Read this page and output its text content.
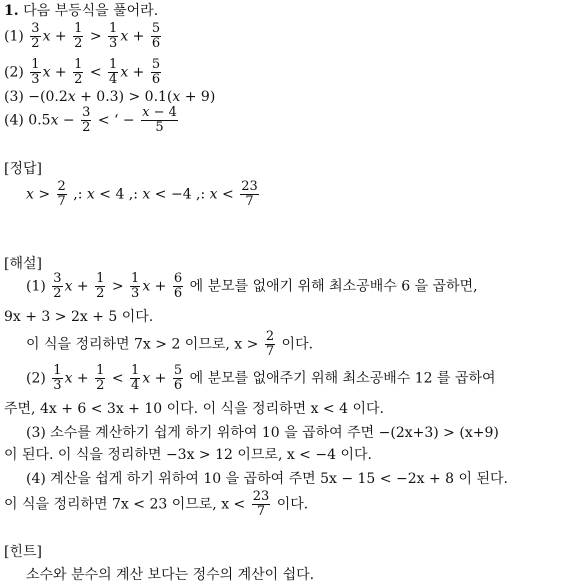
1. 다음 부등식을 풀어라.
$(1) \frac{3}{2}$ $x + \frac{1}{2} > \frac{1}{3}$ $x + \frac{5}{6}$
$(2) \frac{1}{3}$ $x + \frac{1}{2} < \frac{1}{4}$ $x + \frac{5}{6}$
(3) −(0.2x + 0.3) > 0.1(x + 9)
(4) $0.5x - \frac{3}{2}$ < ‘ − $\frac{x - 4}{5}$
[정답]
$x > \frac{2}{7}$ ,: x < 4 ,: x < −4 ,: $x < \frac{23}{7}$
[해설]
$(1) \frac{3}{2}$ $x + \frac{1}{2} > \frac{1}{3}$ $x + \frac{6}{6}$ 에 분모를 없애기 위해 최소공배수 6 을 곱하면,
9x + 3 > 2x + 5 이다.
이 식을 정리하면 7x > 2 이므로, $x > \frac{2}{7}$ 이다.
$(2) \frac{1}{3}$ $x + \frac{1}{2} < \frac{1}{4}$ $x + \frac{5}{6}$ 에 분모를 없애주기 위해 최소공배수 12 를 곱하여
주면, 4x + 6 < 3x + 10 이다. 이 식을 정리하면 x < 4 이다.
(3) 소수를 계산하기 쉽게 하기 위하여 10 을 곱하여 주면 −(2x+3) > (x+9)
이 된다. 이 식을 정리하면 −3x > 12 이므로, x < −4 이다.
(4) 계산을 쉽게 하기 위하여 10 을 곱하여 주면 5x − 15 < −2x + 8 이 된다.
이 식을 정리하면 7x < 23 이므로, $x < \frac{23}{7}$ 이다.
[힌트]
소수와 분수의 계산 보다는 정수의 계산이 쉽다.
